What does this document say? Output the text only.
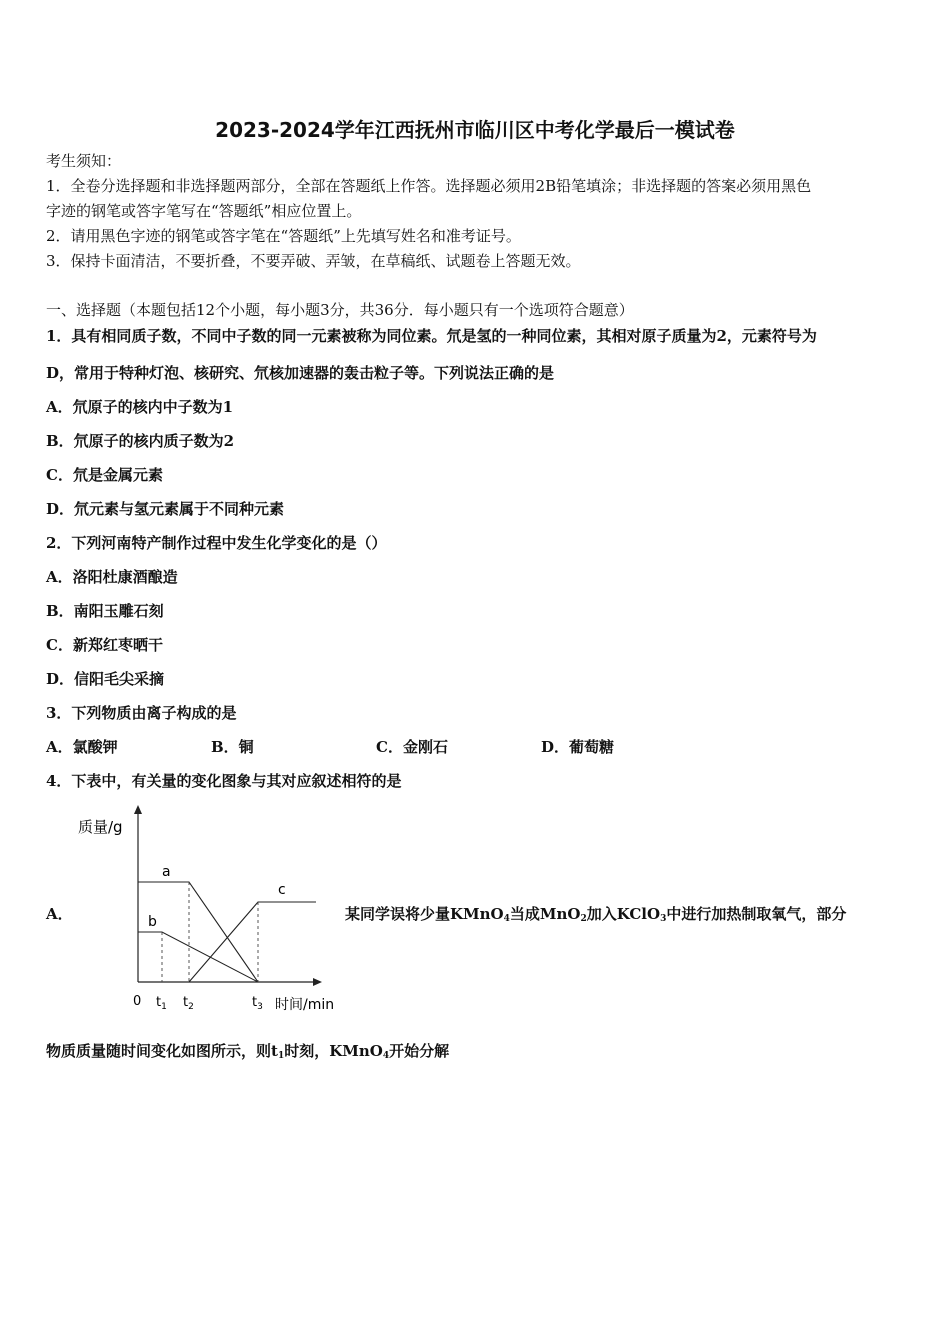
2023-2024学年江西抚州市临川区中考化学最后一模试卷
考生须知：
1．全卷分选择题和非选择题两部分，全部在答题纸上作答。选择题必须用2B铅笔填涂；非选择题的答案必须用黑色
字迹的钢笔或答字笔写在“答题纸”相应位置上。
2．请用黑色字迹的钢笔或答字笔在“答题纸”上先填写姓名和准考证号。
3．保持卡面清洁，不要折叠，不要弄破、弄皱，在草稿纸、试题卷上答题无效。
一、选择题（本题包括12个小题，每小题3分，共36分．每小题只有一个选项符合题意）
1．具有相同质子数，不同中子数的同一元素被称为同位素。氘是氢的一种同位素，其相对原子质量为2，元素符号为
D，常用于特种灯泡、核研究、氘核加速器的轰击粒子等。下列说法正确的是
A．氘原子的核内中子数为1
B．氘原子的核内质子数为2
C．氘是金属元素
D．氘元素与氢元素属于不同种元素
2．下列河南特产制作过程中发生化学变化的是（）
A．洛阳杜康酒酿造
B．南阳玉雕石刻
C．新郑红枣晒干
D．信阳毛尖采摘
3．下列物质由离子构成的是
A．氯酸钾	B．铜	C．金刚石	D．葡萄糖
4．下表中，有关量的变化图象与其对应叙述相符的是
质量/g
时间/min
0
a
b
c
$t_1$ $t_2$	$t_3$
A．	某同学误将少量KMnO$_4$当成MnO$_2$加入KClO$_3$中进行加热制取氧气，部分
物质质量随时间变化如图所示，则$t_1$时刻，KMnO$_4$开始分解
